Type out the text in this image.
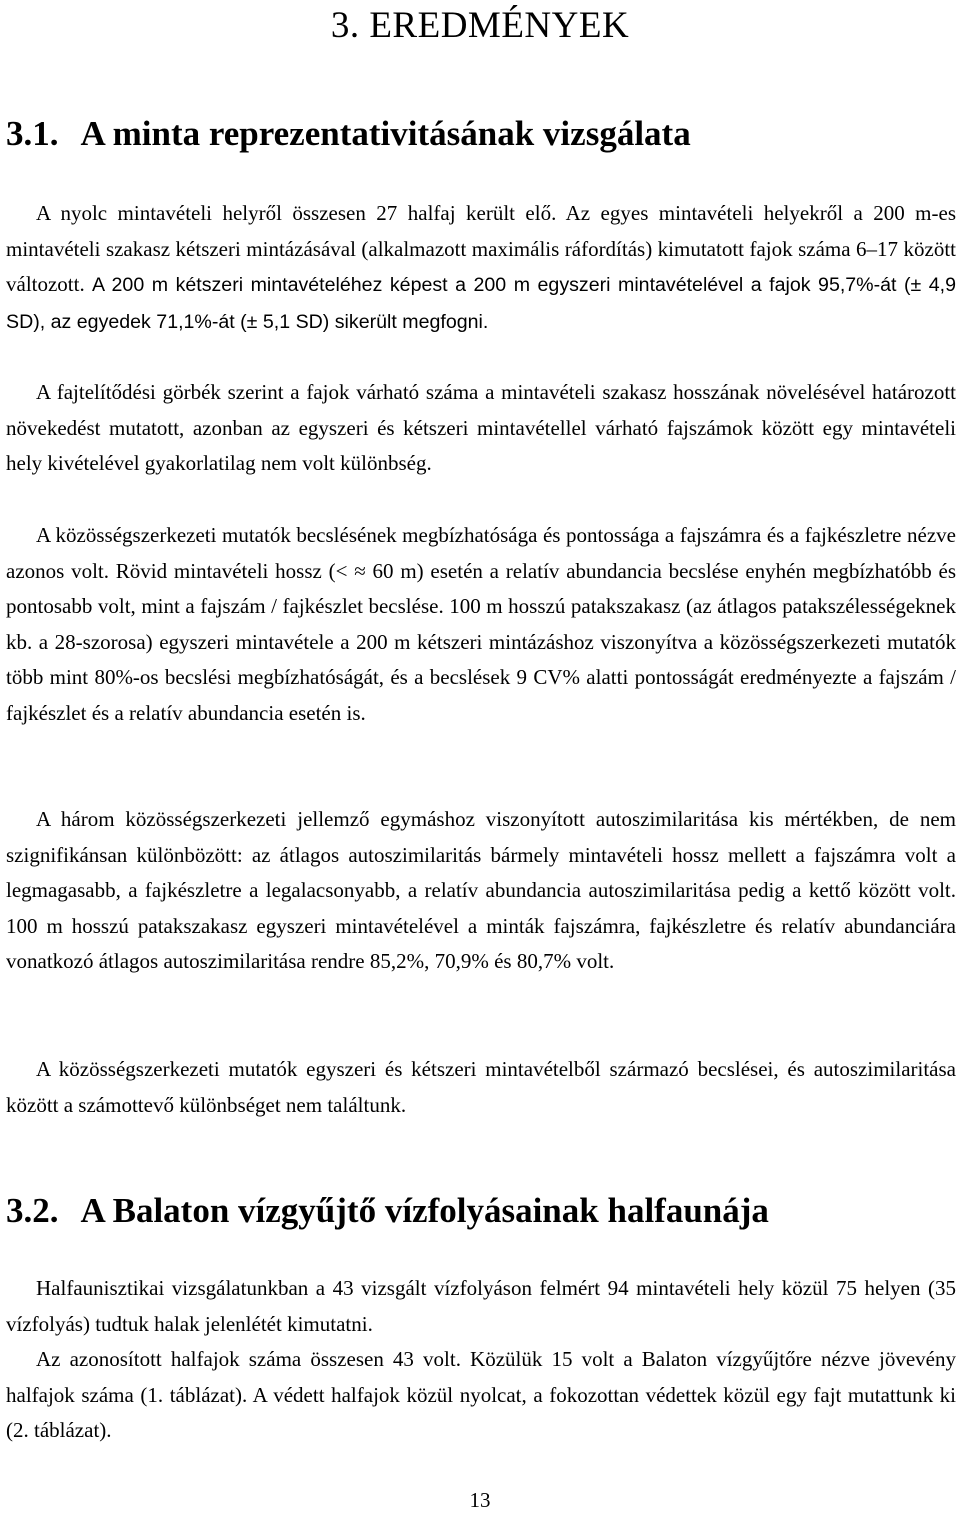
3. EREDMÉNYEK
3.1. A minta reprezentativitásának vizsgálata

A nyolc mintavételi helyről összesen 27 halfaj került elő. Az egyes mintavételi helyekről a 200 m-es mintavételi szakasz kétszeri mintázásával (alkalmazott maximális ráfordítás) kimutatott fajok száma 6–17 között változott. A 200 m kétszeri mintavételéhez képest a 200 m egyszeri mintavételével a fajok 95,7%-át (± 4,9 SD), az egyedek 71,1%-át (± 5,1 SD) sikerült megfogni.

A fajtelítődési görbék szerint a fajok várható száma a mintavételi szakasz hosszának növelésével határozott növekedést mutatott, azonban az egyszeri és kétszeri mintavétellel várható fajszámok között egy mintavételi hely kivételével gyakorlatilag nem volt különbség.

A közösségszerkezeti mutatók becslésének megbízhatósága és pontossága a fajszámra és a fajkészletre nézve azonos volt. Rövid mintavételi hossz (< ≈ 60 m) esetén a relatív abundancia becslése enyhén megbízhatóbb és pontosabb volt, mint a fajszám / fajkészlet becslése. 100 m hosszú patakszakasz (az átlagos patakszélességeknek kb. a 28-szorosa) egyszeri mintavétele a 200 m kétszeri mintázáshoz viszonyítva a közösségszerkezeti mutatók több mint 80%-os becslési megbízhatóságát, és a becslések 9 CV% alatti pontosságát eredményezte a fajszám / fajkészlet és a relatív abundancia esetén is.

A három közösségszerkezeti jellemző egymáshoz viszonyított autoszimilaritása kis mértékben, de nem szignifikánsan különbözött: az átlagos autoszimilaritás bármely mintavételi hossz mellett a fajszámra volt a legmagasabb, a fajkészletre a legalacsonyabb, a relatív abundancia autoszimilaritása pedig a kettő között volt. 100 m hosszú patakszakasz egyszeri mintavételével a minták fajszámra, fajkészletre és relatív abundanciára vonatkozó átlagos autoszimilaritása rendre 85,2%, 70,9% és 80,7% volt.

A közösségszerkezeti mutatók egyszeri és kétszeri mintavételből származó becslései, és autoszimilaritása között a számottevő különbséget nem találtunk.

3.2. A Balaton vízgyűjtő vízfolyásainak halfaunája

Halfaunisztikai vizsgálatunkban a 43 vizsgált vízfolyáson felmért 94 mintavételi hely közül 75 helyen (35 vízfolyás) tudtuk halak jelenlétét kimutatni.

Az azonosított halfajok száma összesen 43 volt. Közülük 15 volt a Balaton vízgyűjtőre nézve jövevény halfajok száma (1. táblázat). A védett halfajok közül nyolcat, a fokozottan védettek közül egy fajt mutattunk ki (2. táblázat).

13
